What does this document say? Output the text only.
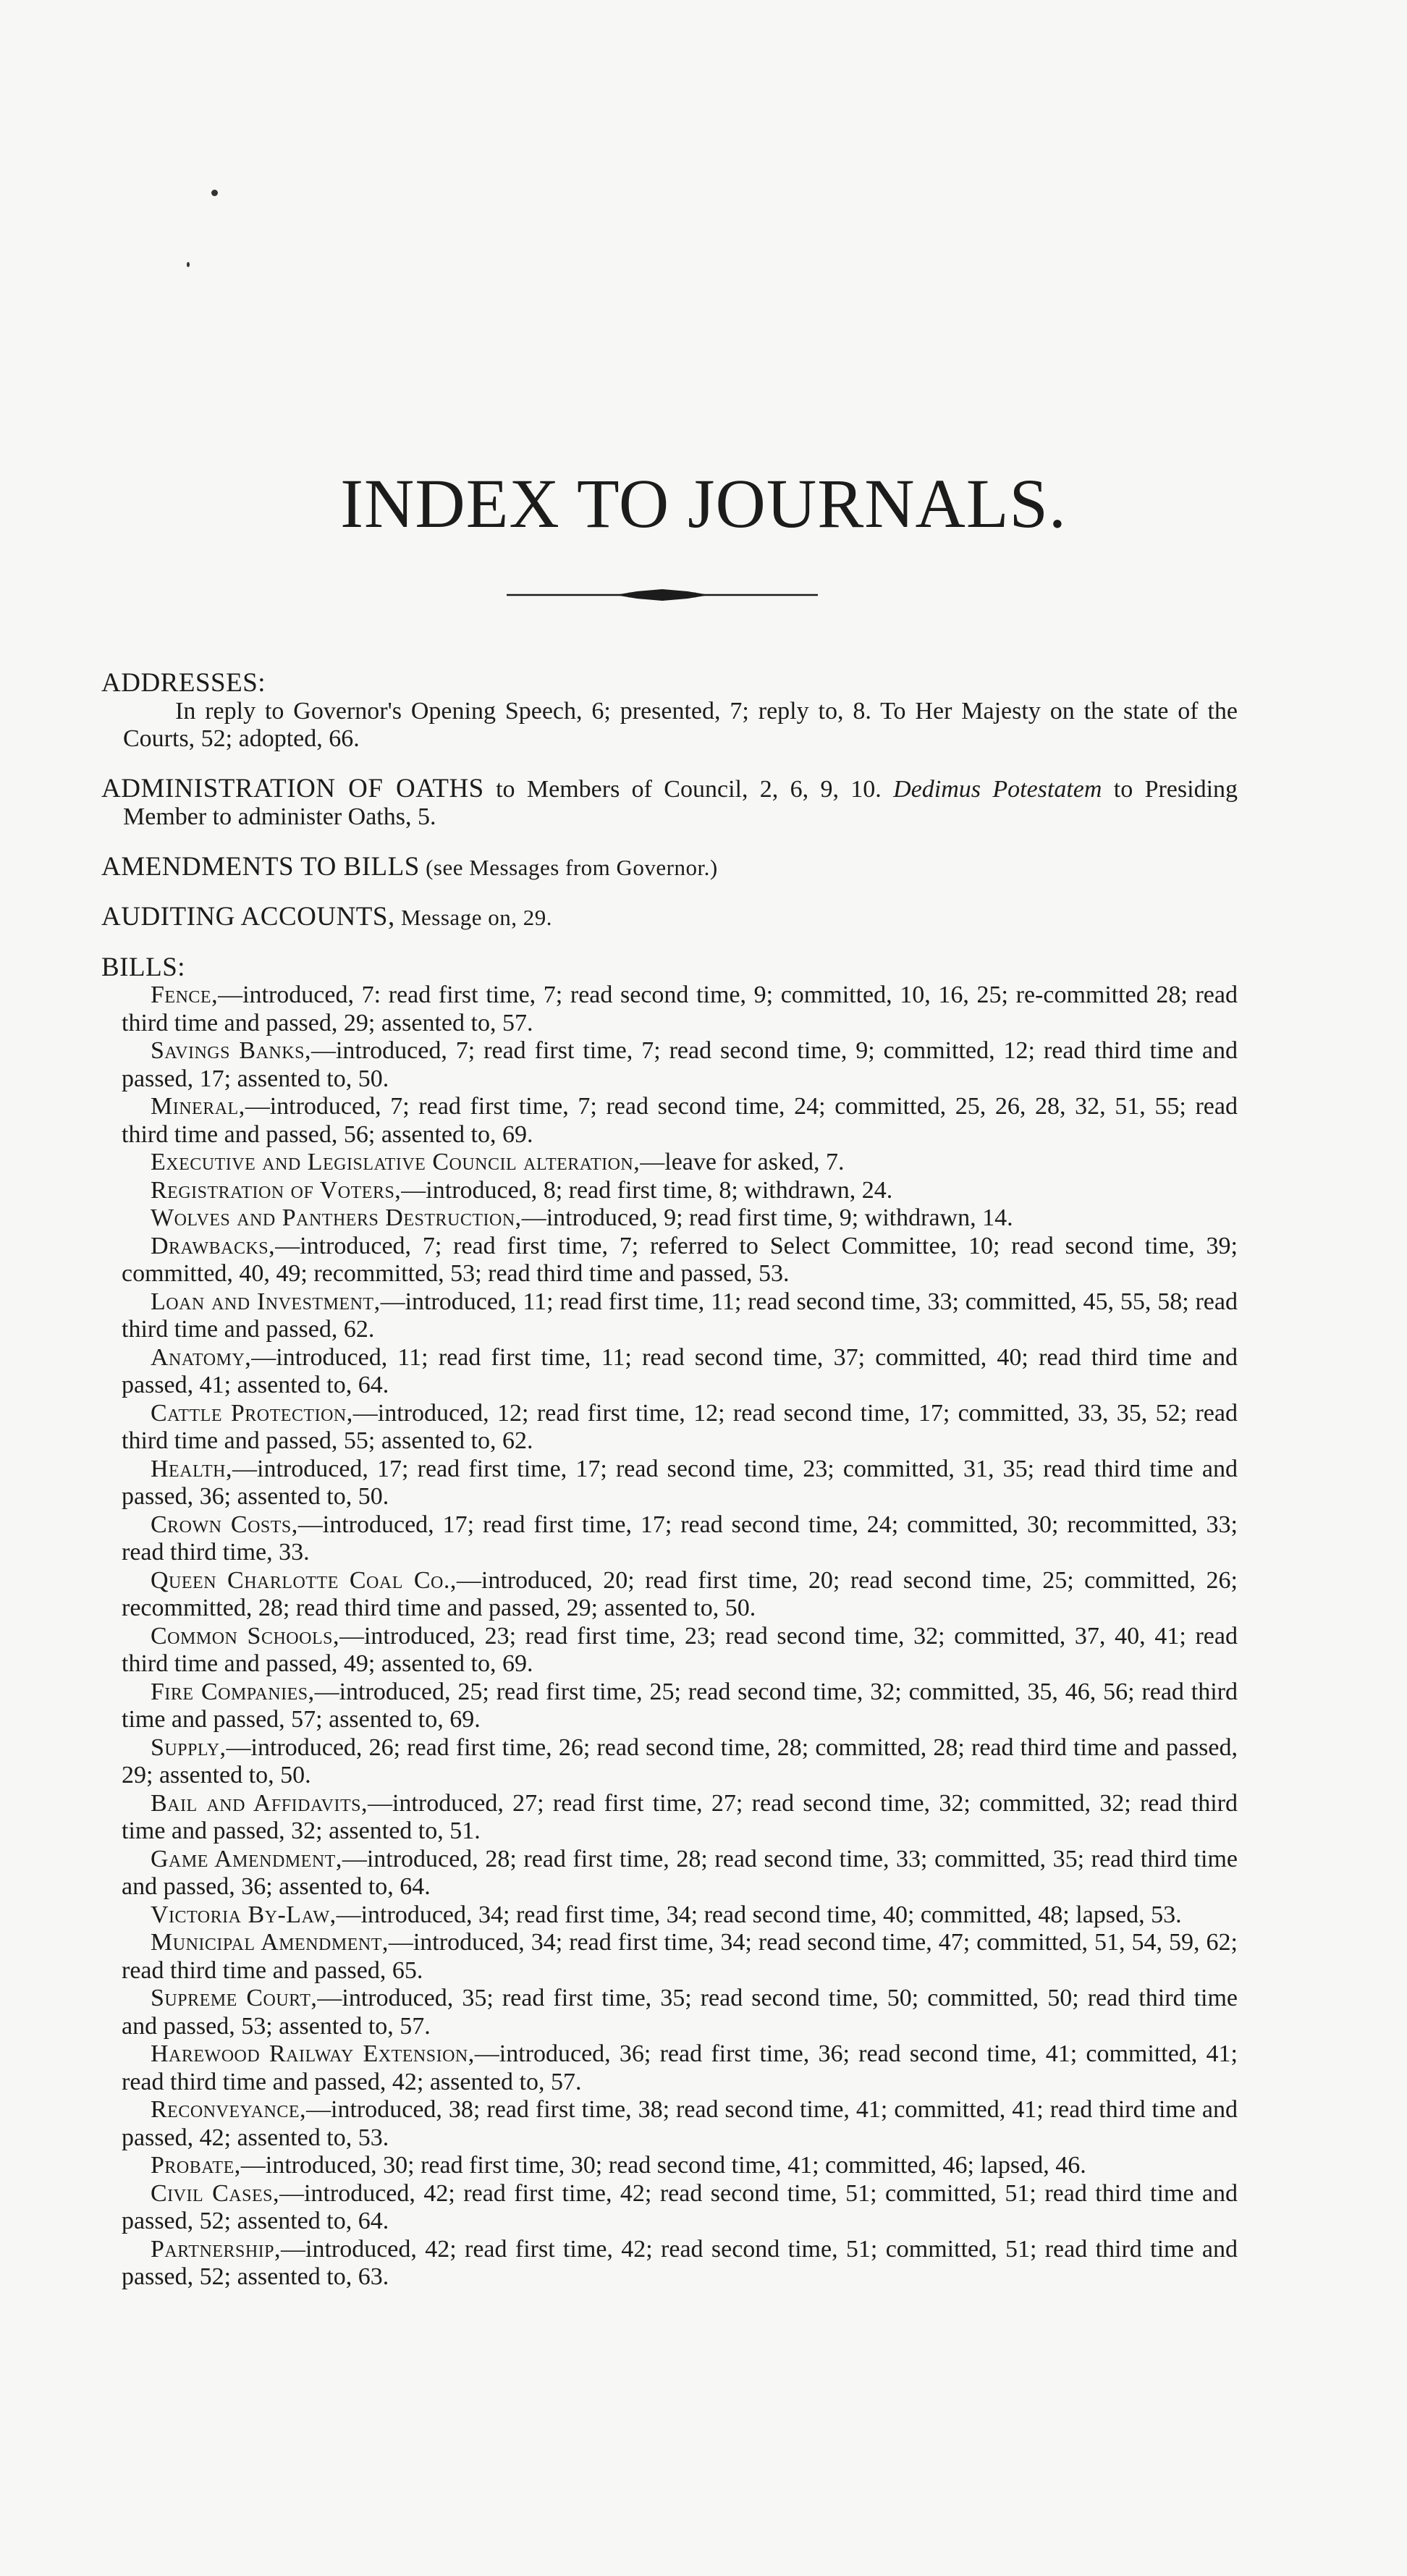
INDEX TO JOURNALS.

ADDRESSES:

In reply to Governor's Opening Speech, 6; presented, 7; reply to, 8. To Her Majesty on the state of the Courts, 52; adopted, 66.

ADMINISTRATION OF OATHS to Members of Council, 2, 6, 9, 10. Dedimus Potestatem to Presiding Member to administer Oaths, 5.

AMENDMENTS TO BILLS (see Messages from Governor.)

AUDITING ACCOUNTS, Message on, 29.

BILLS:

Fence,—introduced, 7: read first time, 7; read second time, 9; committed, 10, 16, 25; re-committed 28; read third time and passed, 29; assented to, 57.

Savings Banks,—introduced, 7; read first time, 7; read second time, 9; committed, 12; read third time and passed, 17; assented to, 50.

Mineral,—introduced, 7; read first time, 7; read second time, 24; committed, 25, 26, 28, 32, 51, 55; read third time and passed, 56; assented to, 69.

Executive and Legislative Council alteration,—leave for asked, 7.

Registration of Voters,—introduced, 8; read first time, 8; withdrawn, 24.

Wolves and Panthers Destruction,—introduced, 9; read first time, 9; withdrawn, 14.

Drawbacks,—introduced, 7; read first time, 7; referred to Select Committee, 10; read second time, 39; committed, 40, 49; recommitted, 53; read third time and passed, 53.

Loan and Investment,—introduced, 11; read first time, 11; read second time, 33; committed, 45, 55, 58; read third time and passed, 62.

Anatomy,—introduced, 11; read first time, 11; read second time, 37; committed, 40; read third time and passed, 41; assented to, 64.

Cattle Protection,—introduced, 12; read first time, 12; read second time, 17; committed, 33, 35, 52; read third time and passed, 55; assented to, 62.

Health,—introduced, 17; read first time, 17; read second time, 23; committed, 31, 35; read third time and passed, 36; assented to, 50.

Crown Costs,—introduced, 17; read first time, 17; read second time, 24; committed, 30; recommitted, 33; read third time, 33.

Queen Charlotte Coal Co.,—introduced, 20; read first time, 20; read second time, 25; committed, 26; recommitted, 28; read third time and passed, 29; assented to, 50.

Common Schools,—introduced, 23; read first time, 23; read second time, 32; committed, 37, 40, 41; read third time and passed, 49; assented to, 69.

Fire Companies,—introduced, 25; read first time, 25; read second time, 32; committed, 35, 46, 56; read third time and passed, 57; assented to, 69.

Supply,—introduced, 26; read first time, 26; read second time, 28; committed, 28; read third time and passed, 29; assented to, 50.

Bail and Affidavits,—introduced, 27; read first time, 27; read second time, 32; committed, 32; read third time and passed, 32; assented to, 51.

Game Amendment,—introduced, 28; read first time, 28; read second time, 33; committed, 35; read third time and passed, 36; assented to, 64.

Victoria By-Law,—introduced, 34; read first time, 34; read second time, 40; committed, 48; lapsed, 53.

Municipal Amendment,—introduced, 34; read first time, 34; read second time, 47; committed, 51, 54, 59, 62; read third time and passed, 65.

Supreme Court,—introduced, 35; read first time, 35; read second time, 50; committed, 50; read third time and passed, 53; assented to, 57.

Harewood Railway Extension,—introduced, 36; read first time, 36; read second time, 41; committed, 41; read third time and passed, 42; assented to, 57.

Reconveyance,—introduced, 38; read first time, 38; read second time, 41; committed, 41; read third time and passed, 42; assented to, 53.

Probate,—introduced, 30; read first time, 30; read second time, 41; committed, 46; lapsed, 46.

Civil Cases,—introduced, 42; read first time, 42; read second time, 51; committed, 51; read third time and passed, 52; assented to, 64.

Partnership,—introduced, 42; read first time, 42; read second time, 51; committed, 51; read third time and passed, 52; assented to, 63.
